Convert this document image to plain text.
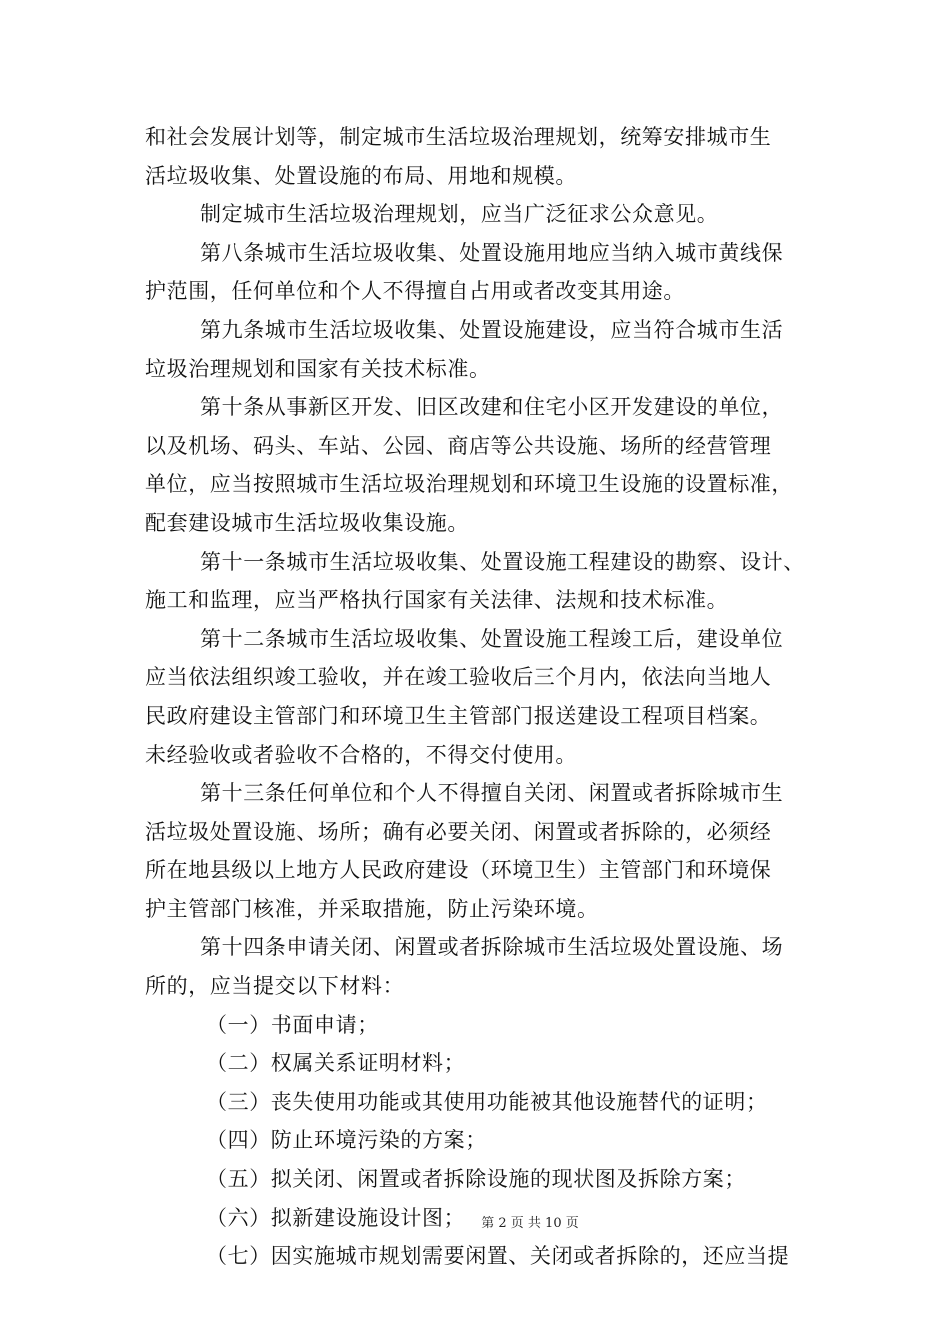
和社会发展计划等，制定城市生活垃圾治理规划，统筹安排城市生
活垃圾收集、处置设施的布局、用地和规模。
制定城市生活垃圾治理规划，应当广泛征求公众意见。
第八条城市生活垃圾收集、处置设施用地应当纳入城市黄线保
护范围，任何单位和个人不得擅自占用或者改变其用途。
第九条城市生活垃圾收集、处置设施建设，应当符合城市生活
垃圾治理规划和国家有关技术标准。
第十条从事新区开发、旧区改建和住宅小区开发建设的单位，
以及机场、码头、车站、公园、商店等公共设施、场所的经营管理
单位，应当按照城市生活垃圾治理规划和环境卫生设施的设置标准，
配套建设城市生活垃圾收集设施。
第十一条城市生活垃圾收集、处置设施工程建设的勘察、设计、
施工和监理，应当严格执行国家有关法律、法规和技术标准。
第十二条城市生活垃圾收集、处置设施工程竣工后，建设单位
应当依法组织竣工验收，并在竣工验收后三个月内，依法向当地人
民政府建设主管部门和环境卫生主管部门报送建设工程项目档案。
未经验收或者验收不合格的，不得交付使用。
第十三条任何单位和个人不得擅自关闭、闲置或者拆除城市生
活垃圾处置设施、场所；确有必要关闭、闲置或者拆除的，必须经
所在地县级以上地方人民政府建设（环境卫生）主管部门和环境保
护主管部门核准，并采取措施，防止污染环境。
第十四条申请关闭、闲置或者拆除城市生活垃圾处置设施、场
所的，应当提交以下材料：
（一）书面申请；
（二）权属关系证明材料；
（三）丧失使用功能或其使用功能被其他设施替代的证明；
（四）防止环境污染的方案；
（五）拟关闭、闲置或者拆除设施的现状图及拆除方案；
（六）拟新建设施设计图；
（七）因实施城市规划需要闲置、关闭或者拆除的，还应当提
第 2 页 共 10 页
